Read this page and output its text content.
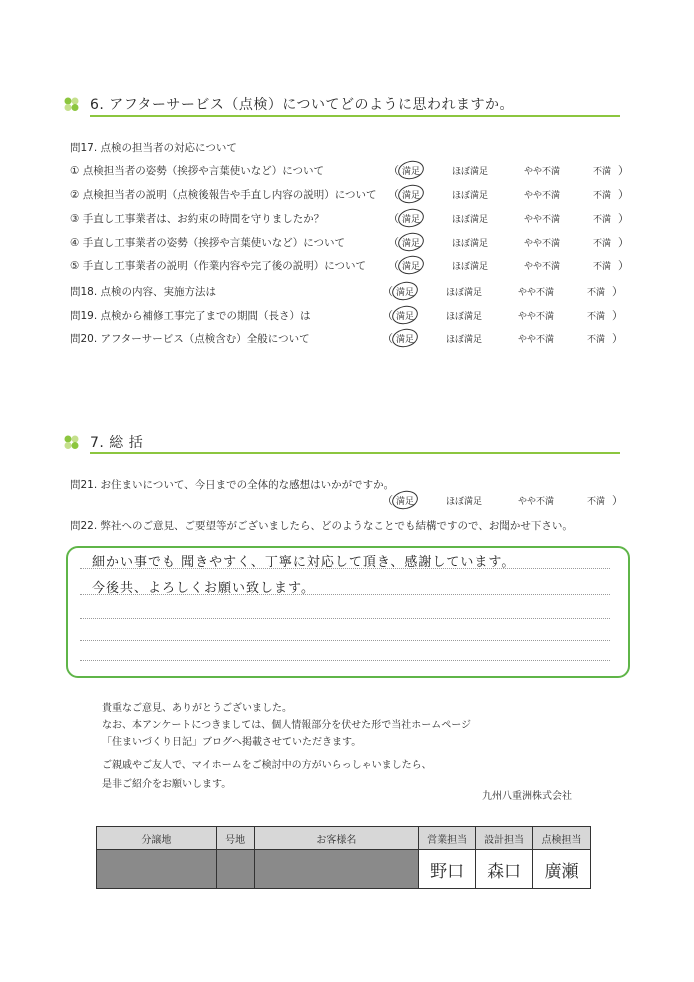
6. アフターサービス（点検）についてどのように思われますか。
問17. 点検の担当者の対応について
① 点検担当者の姿勢（挨拶や言葉使いなど）について	（ 満足	ほぼ満足	やや不満	不満 ）
② 点検担当者の説明（点検後報告や手直し内容の説明）について （ 満足	ほぼ満足	やや不満	不満 ）
③ 手直し工事業者は、お約束の時間を守りましたか？	（ 満足	ほぼ満足	やや不満	不満 ）
④ 手直し工事業者の姿勢（挨拶や言葉使いなど）について	（ 満足	ほぼ満足	やや不満	不満 ）
⑤ 手直し工事業者の説明（作業内容や完了後の説明）について （ 満足	ほぼ満足	やや不満	不満 ）
問18. 点検の内容、実施方法は	（ 満足	ほぼ満足	やや不満	不満 ）
問19. 点検から補修工事完了までの期間（長さ）は	（ 満足	ほぼ満足	やや不満	不満 ）
問20. アフターサービス（点検含む）全般について	（ 満足	ほぼ満足	やや不満	不満 ）
7. 総 括
問21. お住まいについて、今日までの全体的な感想はいかがですか。
（ 満足	ほぼ満足	やや不満	不満 ）
問22. 弊社へのご意見、ご要望等がございましたら、どのようなことでも結構ですので、お聞かせ下さい。
細かい事でも 聞きやすく、丁寧に対応して頂き、感謝しています。
今後共、よろしくお願い致します。
貴重なご意見、ありがとうございました。
なお、本アンケートにつきましては、個人情報部分を伏せた形で当社ホームページ
「住まいづくり日記」ブログへ掲載させていただきます。
ご親戚やご友人で、マイホームをご検討中の方がいらっしゃいましたら、
是非ご紹介をお願いします。
九州八重洲株式会社
分譲地	号地	お客様名	営業担当	設計担当	点検担当
			野口	森口	廣瀬
